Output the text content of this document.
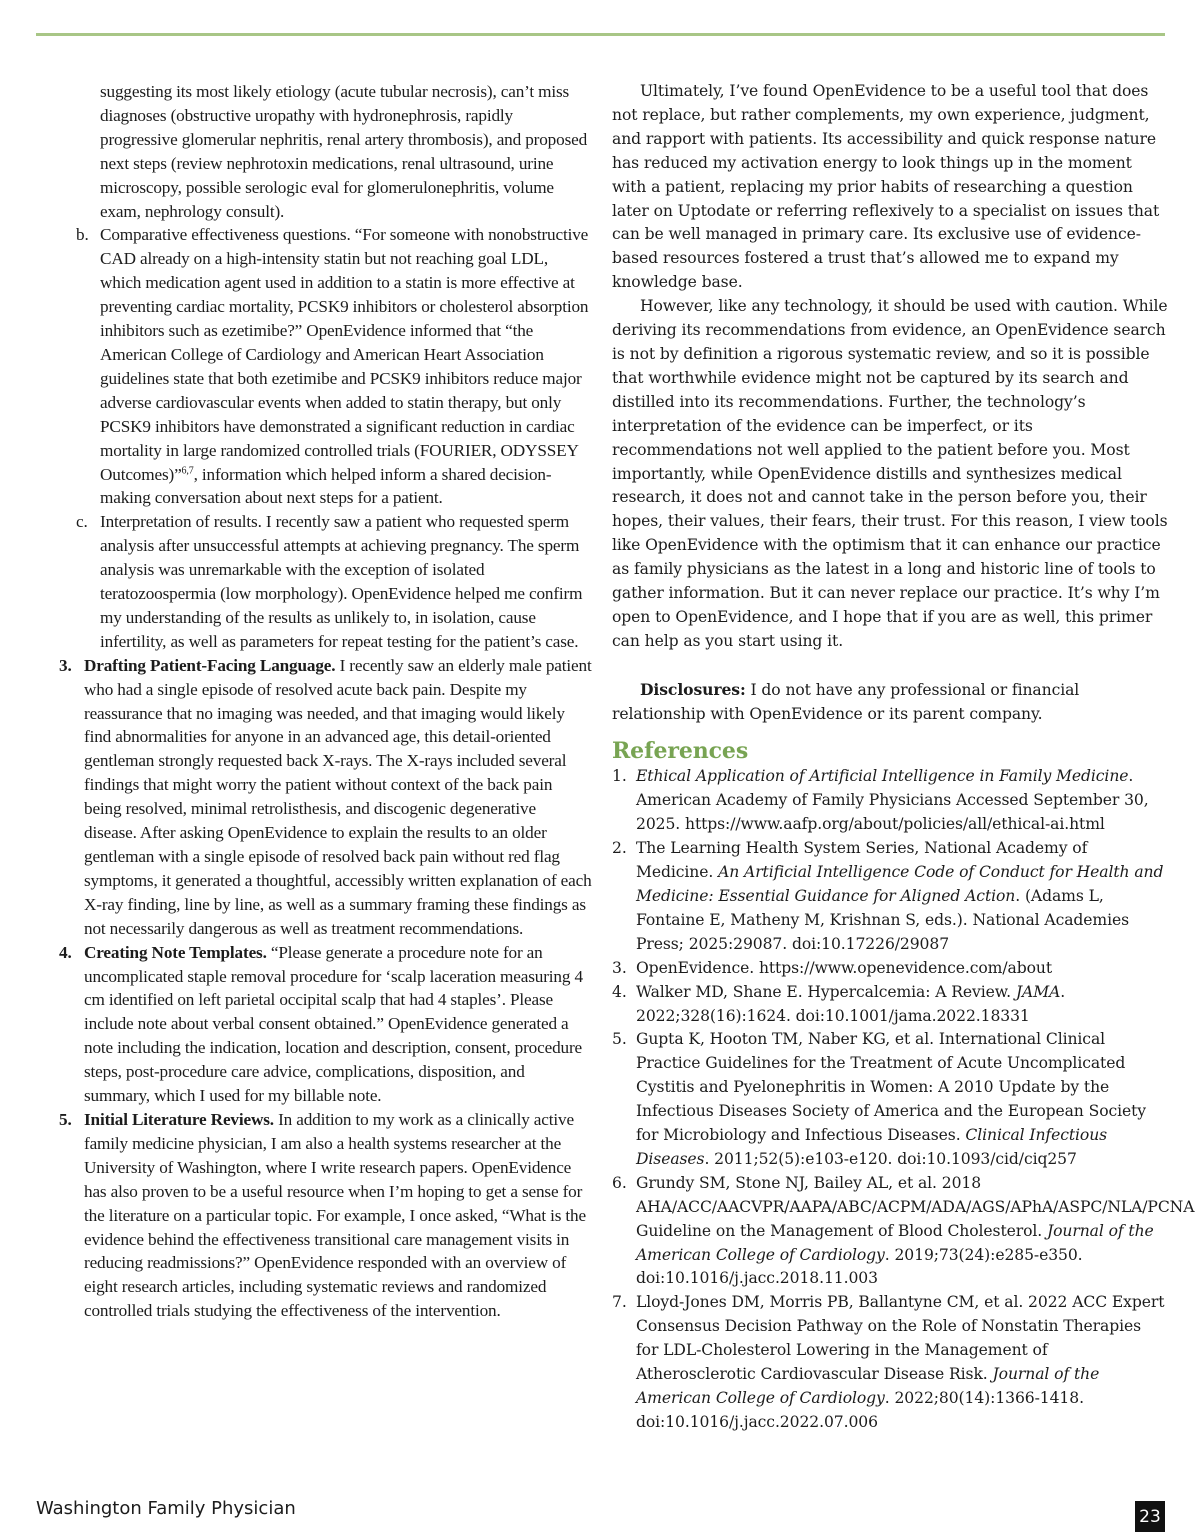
suggesting its most likely etiology (acute tubular necrosis), can’t miss diagnoses (obstructive uropathy with hydronephrosis, rapidly progressive glomerular nephritis, renal artery thrombosis), and proposed next steps (review nephrotoxin medications, renal ultrasound, urine microscopy, possible serologic eval for glomerulonephritis, volume exam, nephrology consult).
b. Comparative effectiveness questions. “For someone with nonobstructive CAD already on a high-intensity statin but not reaching goal LDL, which medication agent used in addition to a statin is more effective at preventing cardiac mortality, PCSK9 inhibitors or cholesterol absorption inhibitors such as ezetimibe?” OpenEvidence informed that “the American College of Cardiology and American Heart Association guidelines state that both ezetimibe and PCSK9 inhibitors reduce major adverse cardiovascular events when added to statin therapy, but only PCSK9 inhibitors have demonstrated a significant reduction in cardiac mortality in large randomized controlled trials (FOURIER, ODYSSEY Outcomes)”$^{6,7}$, information which helped inform a shared decision-making conversation about next steps for a patient.
c. Interpretation of results. I recently saw a patient who requested sperm analysis after unsuccessful attempts at achieving pregnancy. The sperm analysis was unremarkable with the exception of isolated teratozoospermia (low morphology). OpenEvidence helped me confirm my understanding of the results as unlikely to, in isolation, cause infertility, as well as parameters for repeat testing for the patient’s case.
3. Drafting Patient-Facing Language. I recently saw an elderly male patient who had a single episode of resolved acute back pain. Despite my reassurance that no imaging was needed, and that imaging would likely find abnormalities for anyone in an advanced age, this detail-oriented gentleman strongly requested back X-rays. The X-rays included several findings that might worry the patient without context of the back pain being resolved, minimal retrolisthesis, and discogenic degenerative disease. After asking OpenEvidence to explain the results to an older gentleman with a single episode of resolved back pain without red flag symptoms, it generated a thoughtful, accessibly written explanation of each X-ray finding, line by line, as well as a summary framing these findings as not necessarily dangerous as well as treatment recommendations.
4. Creating Note Templates. “Please generate a procedure note for an uncomplicated staple removal procedure for ‘scalp laceration measuring 4 cm identified on left parietal occipital scalp that had 4 staples’. Please include note about verbal consent obtained.” OpenEvidence generated a note including the indication, location and description, consent, procedure steps, post-procedure care advice, complications, disposition, and summary, which I used for my billable note.
5. Initial Literature Reviews. In addition to my work as a clinically active family medicine physician, I am also a health systems researcher at the University of Washington, where I write research papers. OpenEvidence has also proven to be a useful resource when I’m hoping to get a sense for the literature on a particular topic. For example, I once asked, “What is the evidence behind the effectiveness transitional care management visits in reducing readmissions?” OpenEvidence responded with an overview of eight research articles, including systematic reviews and randomized controlled trials studying the effectiveness of the intervention.

Ultimately, I’ve found OpenEvidence to be a useful tool that does not replace, but rather complements, my own experience, judgment, and rapport with patients. Its accessibility and quick response nature has reduced my activation energy to look things up in the moment with a patient, replacing my prior habits of researching a question later on Uptodate or referring reflexively to a specialist on issues that can be well managed in primary care. Its exclusive use of evidence-based resources fostered a trust that’s allowed me to expand my knowledge base.

However, like any technology, it should be used with caution. While deriving its recommendations from evidence, an OpenEvidence search is not by definition a rigorous systematic review, and so it is possible that worthwhile evidence might not be captured by its search and distilled into its recommendations. Further, the technology’s interpretation of the evidence can be imperfect, or its recommendations not well applied to the patient before you. Most importantly, while OpenEvidence distills and synthesizes medical research, it does not and cannot take in the person before you, their hopes, their values, their fears, their trust. For this reason, I view tools like OpenEvidence with the optimism that it can enhance our practice as family physicians as the latest in a long and historic line of tools to gather information. But it can never replace our practice. It’s why I’m open to OpenEvidence, and I hope that if you are as well, this primer can help as you start using it.

Disclosures: I do not have any professional or financial relationship with OpenEvidence or its parent company.

References
1. Ethical Application of Artificial Intelligence in Family Medicine. American Academy of Family Physicians Accessed September 30, 2025. https://www.aafp.org/about/policies/all/ethical-ai.html
2. The Learning Health System Series, National Academy of Medicine. An Artificial Intelligence Code of Conduct for Health and Medicine: Essential Guidance for Aligned Action. (Adams L, Fontaine E, Matheny M, Krishnan S, eds.). National Academies Press; 2025:29087. doi:10.17226/29087
3. OpenEvidence. https://www.openevidence.com/about
4. Walker MD, Shane E. Hypercalcemia: A Review. JAMA. 2022;328(16):1624. doi:10.1001/jama.2022.18331
5. Gupta K, Hooton TM, Naber KG, et al. International Clinical Practice Guidelines for the Treatment of Acute Uncomplicated Cystitis and Pyelonephritis in Women: A 2010 Update by the Infectious Diseases Society of America and the European Society for Microbiology and Infectious Diseases. Clinical Infectious Diseases. 2011;52(5):e103-e120. doi:10.1093/cid/ciq257
6. Grundy SM, Stone NJ, Bailey AL, et al. 2018 AHA/ACC/AACVPR/AAPA/ABC/ACPM/ADA/AGS/APhA/ASPC/NLA/PCNA Guideline on the Management of Blood Cholesterol. Journal of the American College of Cardiology. 2019;73(24):e285-e350. doi:10.1016/j.jacc.2018.11.003
7. Lloyd-Jones DM, Morris PB, Ballantyne CM, et al. 2022 ACC Expert Consensus Decision Pathway on the Role of Nonstatin Therapies for LDL-Cholesterol Lowering in the Management of Atherosclerotic Cardiovascular Disease Risk. Journal of the American College of Cardiology. 2022;80(14):1366-1418. doi:10.1016/j.jacc.2022.07.006
Washington Family Physician	23
